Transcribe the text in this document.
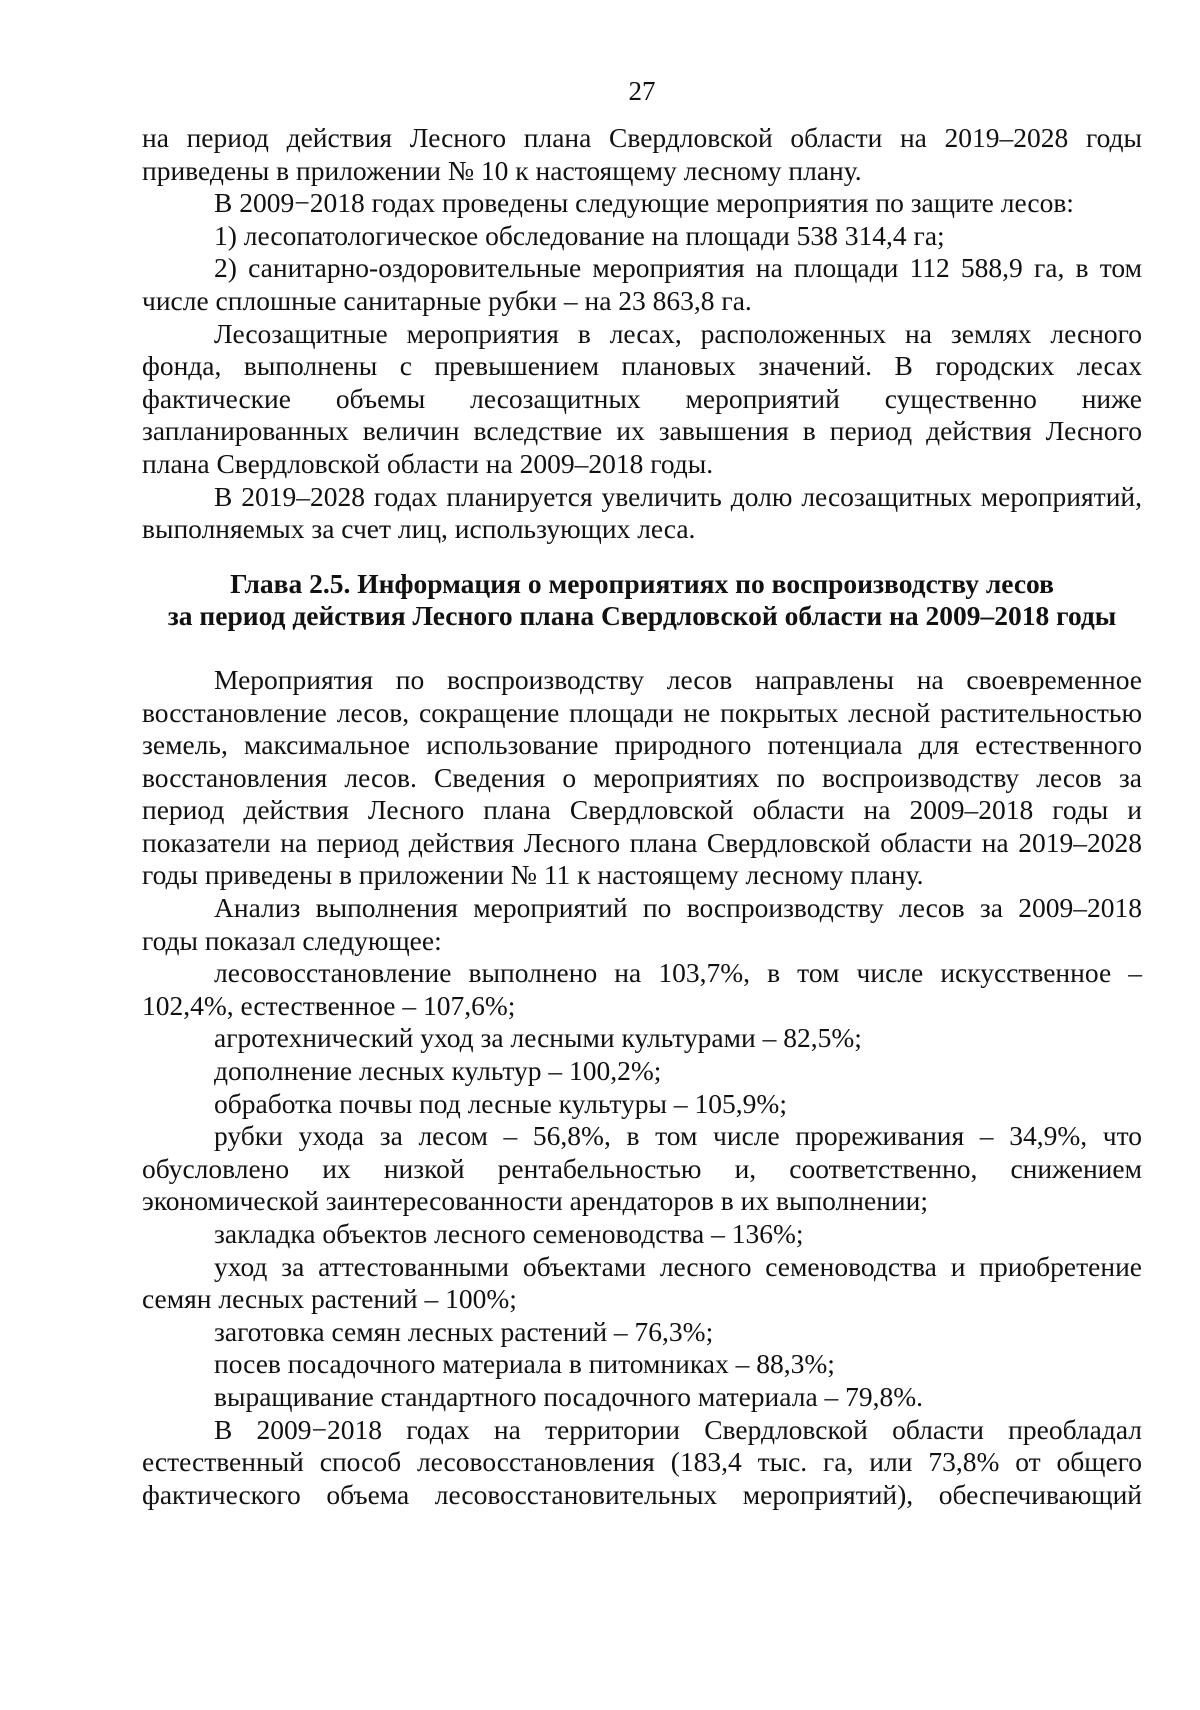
27

на период действия Лесного плана Свердловской области на 2019–2028 годы приведены в приложении № 10 к настоящему лесному плану.

В 2009−2018 годах проведены следующие мероприятия по защите лесов:

1) лесопатологическое обследование на площади 538 314,4 га;

2) санитарно-оздоровительные мероприятия на площади 112 588,9 га, в том числе сплошные санитарные рубки – на 23 863,8 га.

Лесозащитные мероприятия в лесах, расположенных на землях лесного фонда, выполнены с превышением плановых значений. В городских лесах фактические объемы лесозащитных мероприятий существенно ниже запланированных величин вследствие их завышения в период действия Лесного плана Свердловской области на 2009–2018 годы.

В 2019–2028 годах планируется увеличить долю лесозащитных мероприятий, выполняемых за счет лиц, использующих леса.

Глава 2.5. Информация о мероприятиях по воспроизводству лесов
за период действия Лесного плана Свердловской области на 2009–2018 годы

Мероприятия по воспроизводству лесов направлены на своевременное восстановление лесов, сокращение площади не покрытых лесной растительностью земель, максимальное использование природного потенциала для естественного восстановления лесов. Сведения о мероприятиях по воспроизводству лесов за период действия Лесного плана Свердловской области на 2009–2018 годы и показатели на период действия Лесного плана Свердловской области на 2019–2028 годы приведены в приложении № 11 к настоящему лесному плану.

Анализ выполнения мероприятий по воспроизводству лесов за 2009–2018 годы показал следующее:

лесовосстановление выполнено на 103,7%, в том числе искусственное – 102,4%, естественное – 107,6%;

агротехнический уход за лесными культурами – 82,5%;

дополнение лесных культур – 100,2%;

обработка почвы под лесные культуры – 105,9%;

рубки ухода за лесом – 56,8%, в том числе прореживания – 34,9%, что обусловлено их низкой рентабельностью и, соответственно, снижением экономической заинтересованности арендаторов в их выполнении;

закладка объектов лесного семеноводства – 136%;

уход за аттестованными объектами лесного семеноводства и приобретение семян лесных растений – 100%;

заготовка семян лесных растений – 76,3%;

посев посадочного материала в питомниках – 88,3%;

выращивание стандартного посадочного материала – 79,8%.

В 2009−2018 годах на территории Свердловской области преобладал естественный способ лесовосстановления (183,4 тыс. га, или 73,8% от общего фактического объема лесовосстановительных мероприятий), обеспечивающий
